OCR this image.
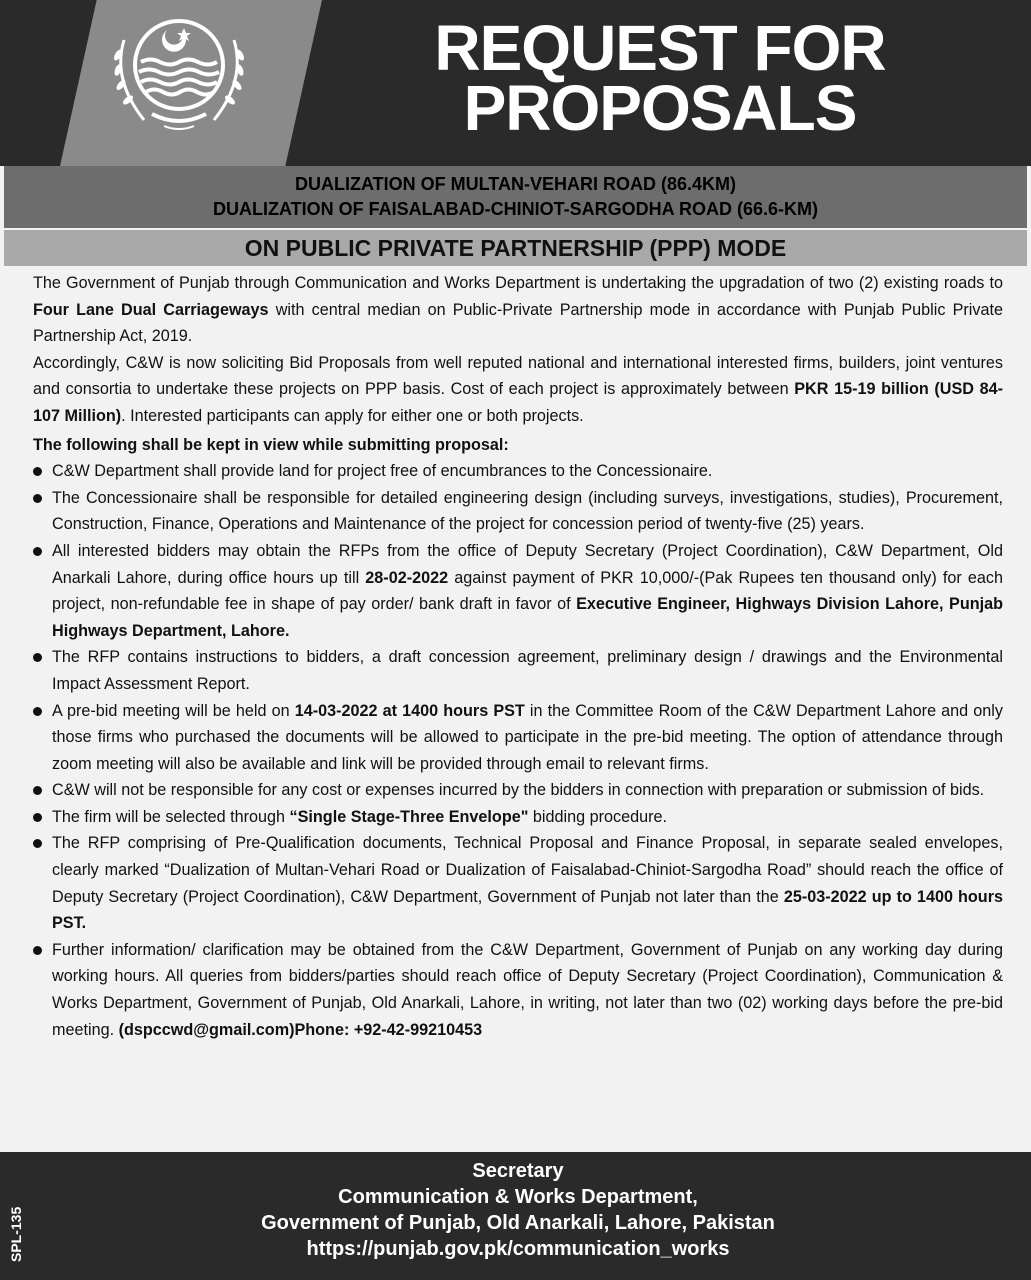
REQUEST FOR
PROPOSALS
DUALIZATION OF MULTAN-VEHARI ROAD (86.4KM)
DUALIZATION OF FAISALABAD-CHINIOT-SARGODHA ROAD (66.6-KM)
ON PUBLIC PRIVATE PARTNERSHIP (PPP) MODE

The Government of Punjab through Communication and Works Department is undertaking the upgradation of two (2) existing roads to Four Lane Dual Carriageways with central median on Public-Private Partnership mode in accordance with Punjab Public Private Partnership Act, 2019.

Accordingly, C&W is now soliciting Bid Proposals from well reputed national and international interested firms, builders, joint ventures and consortia to undertake these projects on PPP basis. Cost of each project is approximately between PKR 15-19 billion (USD 84-107 Million). Interested participants can apply for either one or both projects.

The following shall be kept in view while submitting proposal:

C&W Department shall provide land for project free of encumbrances to the Concessionaire.
The Concessionaire shall be responsible for detailed engineering design (including surveys, investigations, studies), Procurement, Construction, Finance, Operations and Maintenance of the project for concession period of twenty-five (25) years.
All interested bidders may obtain the RFPs from the office of Deputy Secretary (Project Coordination), C&W Department, Old Anarkali Lahore, during office hours up till 28-02-2022 against payment of PKR 10,000/-(Pak Rupees ten thousand only) for each project, non-refundable fee in shape of pay order/ bank draft in favor of Executive Engineer, Highways Division Lahore, Punjab Highways Department, Lahore.
The RFP contains instructions to bidders, a draft concession agreement, preliminary design / drawings and the Environmental Impact Assessment Report.
A pre-bid meeting will be held on 14-03-2022 at 1400 hours PST in the Committee Room of the C&W Department Lahore and only those firms who purchased the documents will be allowed to participate in the pre-bid meeting. The option of attendance through zoom meeting will also be available and link will be provided through email to relevant firms.
C&W will not be responsible for any cost or expenses incurred by the bidders in connection with preparation or submission of bids.
The firm will be selected through “Single Stage-Three Envelope" bidding procedure.
The RFP comprising of Pre-Qualification documents, Technical Proposal and Finance Proposal, in separate sealed envelopes, clearly marked “Dualization of Multan-Vehari Road or Dualization of Faisalabad-Chiniot-Sargodha Road” should reach the office of Deputy Secretary (Project Coordination), C&W Department, Government of Punjab not later than the 25-03-2022 up to 1400 hours PST.
Further information/ clarification may be obtained from the C&W Department, Government of Punjab on any working day during working hours. All queries from bidders/parties should reach office of Deputy Secretary (Project Coordination), Communication & Works Department, Government of Punjab, Old Anarkali, Lahore, in writing, not later than two (02) working days before the pre-bid meeting. (dspccwd@gmail.com)Phone: +92-42-99210453
Secretary
Communication & Works Department,
Government of Punjab, Old Anarkali, Lahore, Pakistan
https://punjab.gov.pk/communication_works
SPL-135
